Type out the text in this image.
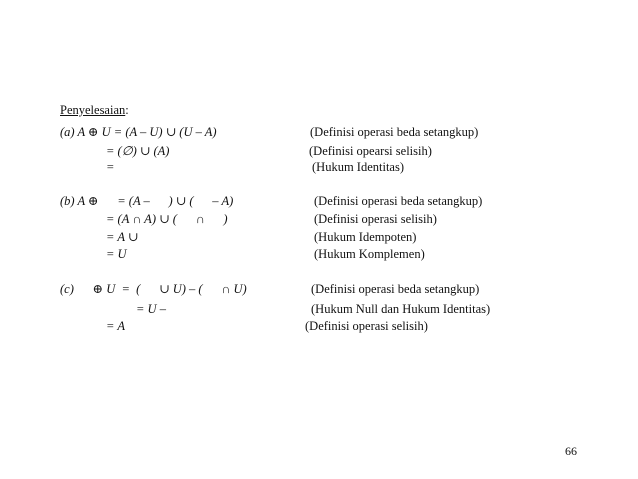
Penyelesaian:
(a) A ⊕ U = (A – U) ∪ (U – A)	(Definisi operasi beda setangkup)
= (∅) ∪ (A)	(Definisi opearsi selisih)
=	(Hukum Identitas)
(b) A ⊕      = (A –      ) ∪ (      – A)	(Definisi operasi beda setangkup)
= (A ∩ A) ∪ (      ∩      )	(Definisi operasi selisih)
= A ∪	(Hukum Idempoten)
= U	(Hukum Komplemen)
(c)      ⊕ U  =  (      ∪ U) – (      ∩ U)	(Definisi operasi beda setangkup)
= U –	(Hukum Null dan Hukum Identitas)
= A	(Definisi operasi selisih)
66
